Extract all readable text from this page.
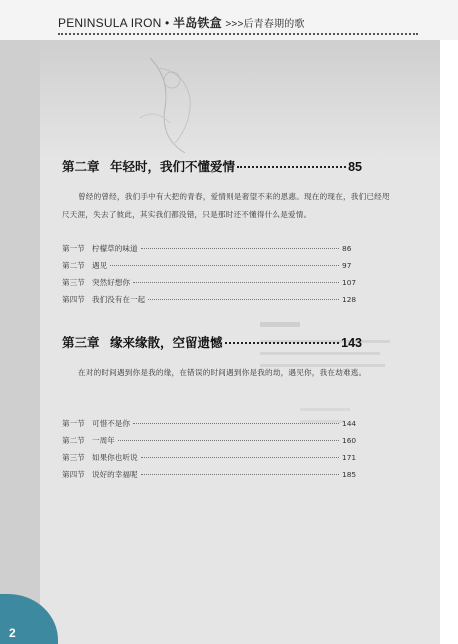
PENINSULA IRON • 半岛铁盒 >>>后青春期的歌
第二章 年轻时，我们不懂爱情	85
曾经的曾经，我们手中有大把的青春，爱情则是奢望不来的恩惠。现在的现在，我们已经咫尺天涯，失去了彼此，其实我们都没错，只是那时还不懂得什么是爱情。
第一节 柠檬草的味道	86
第二节 遇见	97
第三节 突然好想你	107
第四节 我们没有在一起	128
第三章 缘来缘散，空留遗憾	143
在对的时间遇到你是我的缘，在错误的时间遇到你是我的劫，遇见你，我在劫难逃。
第一节 可惜不是你	144
第二节 一周年	160
第三节 如果你也听说	171
第四节 说好的幸福呢	185
2
